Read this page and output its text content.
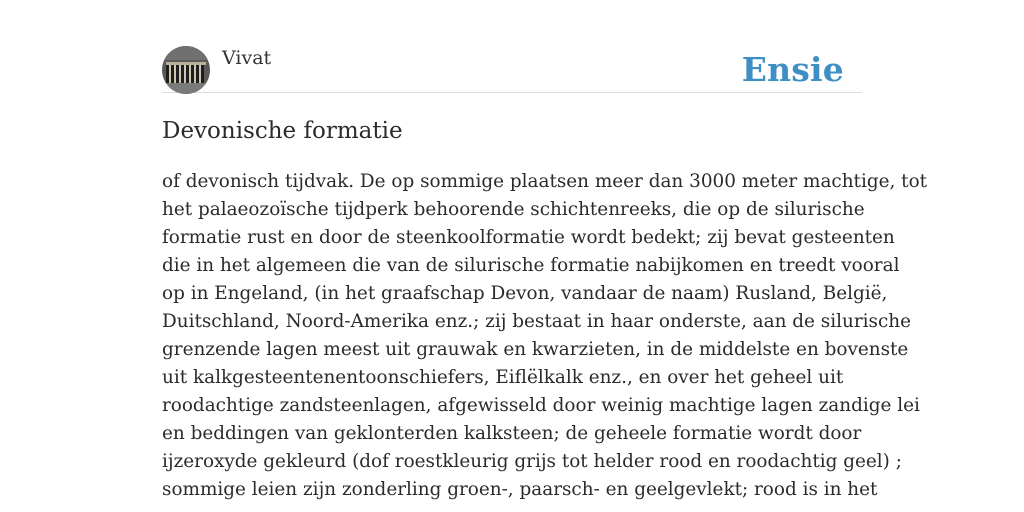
Vivat	Ensie
Devonische formatie
of devonisch tijdvak. De op sommige plaatsen meer dan 3000 meter machtige, tot
het palaeozoïsche tijdperk behoorende schichtenreeks, die op de silurische
formatie rust en door de steenkoolformatie wordt bedekt; zij bevat gesteenten
die in het algemeen die van de silurische formatie nabijkomen en treedt vooral
op in Engeland, (in het graafschap Devon, vandaar de naam) Rusland, België,
Duitschland, Noord-Amerika enz.; zij bestaat in haar onderste, aan de silurische
grenzende lagen meest uit grauwak en kwarzieten, in de middelste en bovenste
uit kalkgesteentenentoonschiefers, Eiflëlkalk enz., en over het geheel uit
roodachtige zandsteenlagen, afgewisseld door weinig machtige lagen zandige lei
en beddingen van geklonterden kalksteen; de geheele formatie wordt door
ijzeroxyde gekleurd (dof roestkleurig grijs tot helder rood en roodachtig geel) ;
sommige leien zijn zonderling groen-, paarsch- en geelgevlekt; rood is in het
